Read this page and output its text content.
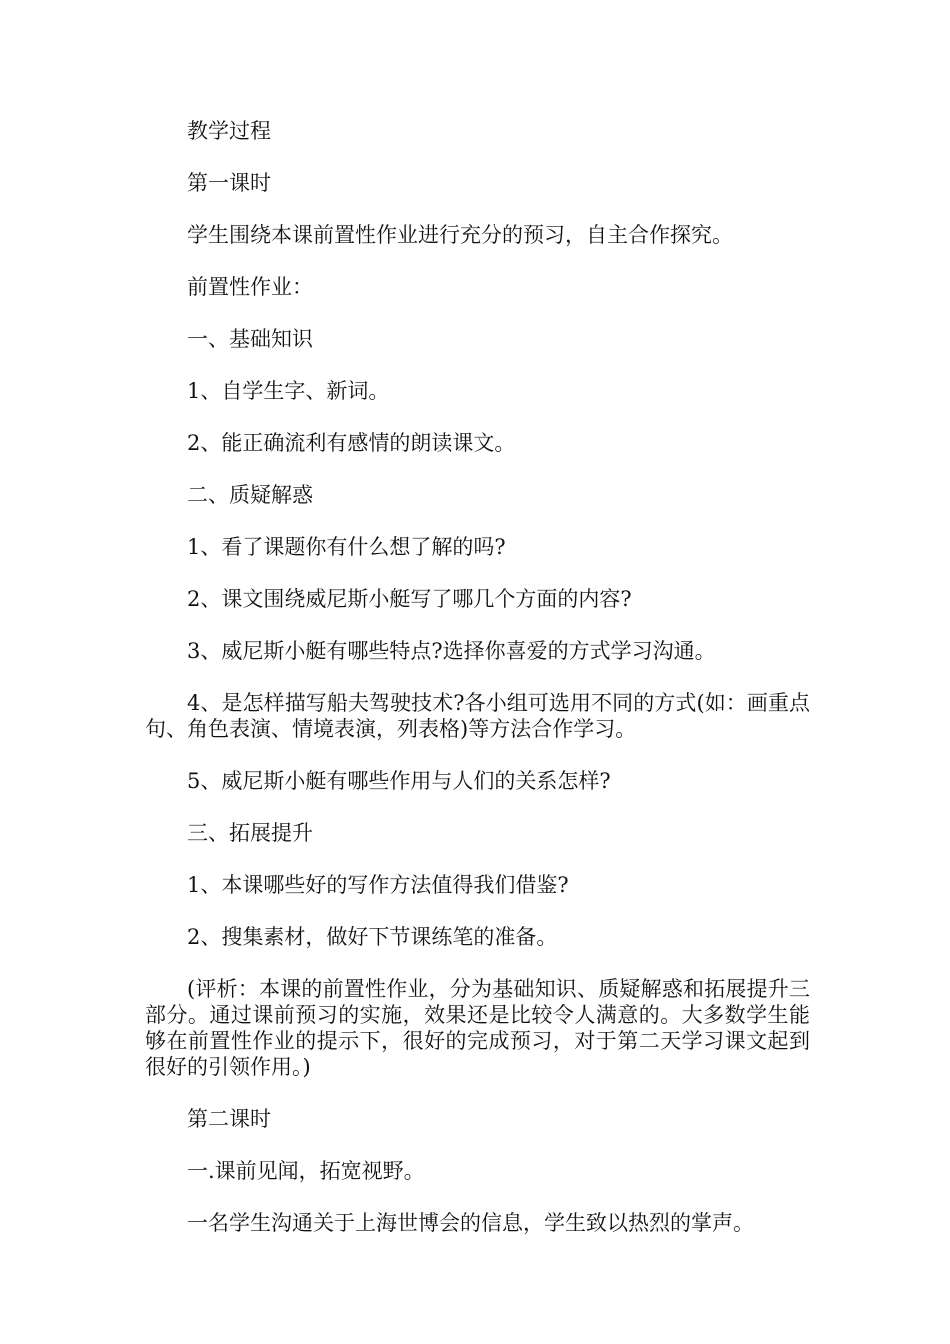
教学过程

第一课时

学生围绕本课前置性作业进行充分的预习，自主合作探究。

前置性作业：

一、基础知识

1、自学生字、新词。

2、能正确流利有感情的朗读课文。

二、质疑解惑

1、看了课题你有什么想了解的吗?

2、课文围绕威尼斯小艇写了哪几个方面的内容?

3、威尼斯小艇有哪些特点?选择你喜爱的方式学习沟通。

4、是怎样描写船夫驾驶技术?各小组可选用不同的方式(如：画重点句、角色表演、情境表演，列表格)等方法合作学习。

5、威尼斯小艇有哪些作用与人们的关系怎样?

三、拓展提升

1、本课哪些好的写作方法值得我们借鉴?

2、搜集素材，做好下节课练笔的准备。

(评析：本课的前置性作业，分为基础知识、质疑解惑和拓展提升三部分。通过课前预习的实施，效果还是比较令人满意的。大多数学生能够在前置性作业的提示下，很好的完成预习，对于第二天学习课文起到很好的引领作用。)

第二课时

一.课前见闻，拓宽视野。

一名学生沟通关于上海世博会的信息，学生致以热烈的掌声。
